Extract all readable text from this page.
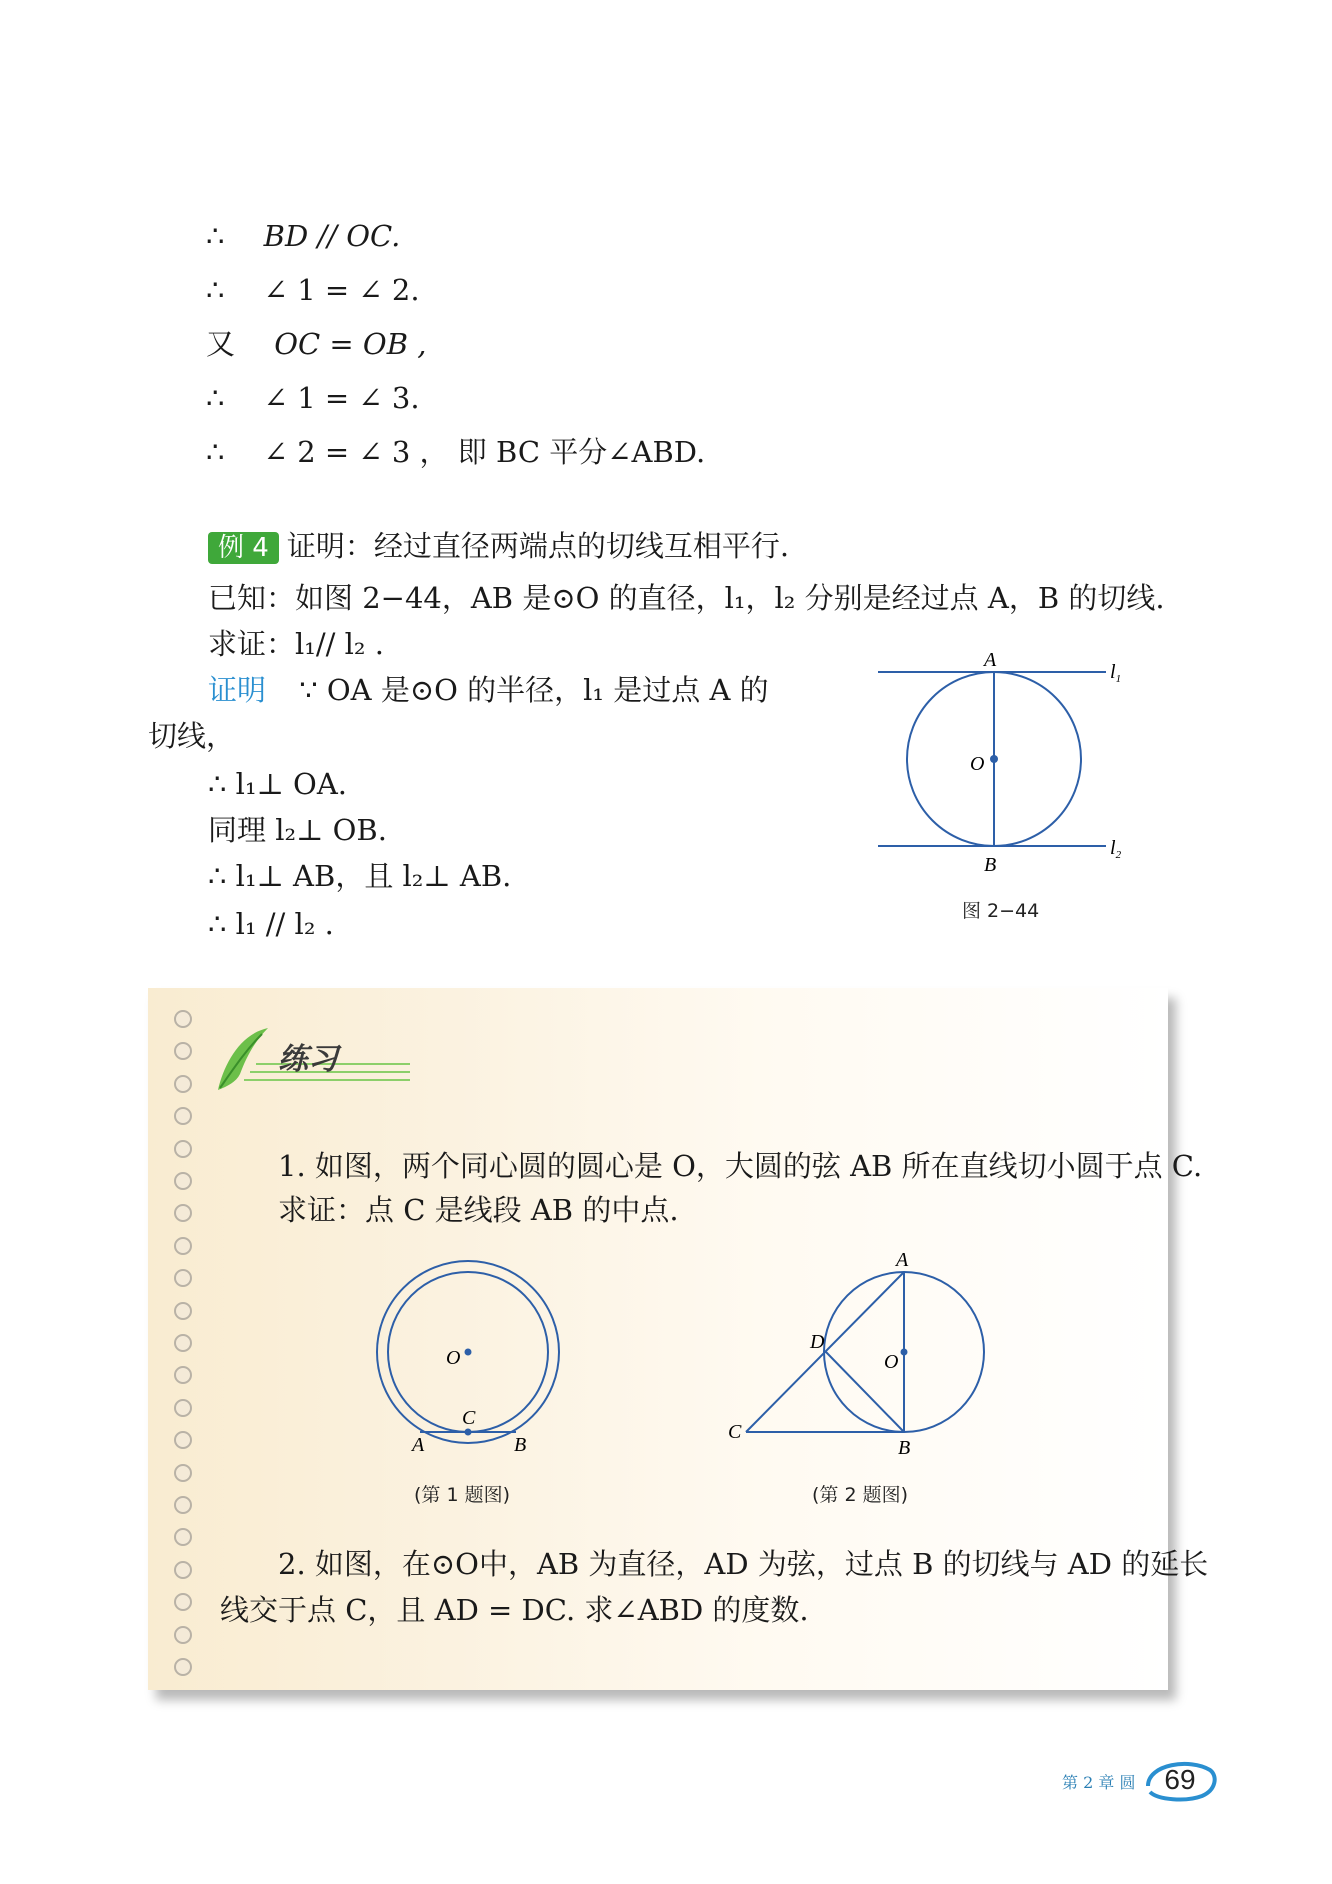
∴ BD // OC.
∴ ∠ 1 = ∠ 2.
又 OC = OB ,
∴ ∠ 1 = ∠ 3.
∴ ∠ 2 = ∠ 3 ， 即 BC 平分∠ABD.
例 4 证明：经过直径两端点的切线互相平行.
已知：如图 2−44，AB 是⊙O 的直径，l₁，l₂ 分别是经过点 A，B 的切线.
求证：l₁// l₂ .
证明 ∵ OA 是⊙O 的半径，l₁ 是过点 A 的
切线，
∴ l₁⊥ OA.
同理 l₂⊥ OB.
∴ l₁⊥ AB，且 l₂⊥ AB.
∴ l₁ // l₂ .
A
B
O
$l_1$
$l_2$
图 2−44
练习
1. 如图，两个同心圆的圆心是 O，大圆的弦 AB 所在直线切小圆于点 C.
求证：点 C 是线段 AB 的中点.
O
C
A	B
(第 1 题图)
A
D
O
C
B
(第 2 题图)
2. 如图，在⊙O中，AB 为直径，AD 为弦，过点 B 的切线与 AD 的延长
线交于点 C，且 AD = DC. 求∠ABD 的度数.
第 2 章 圆	69
